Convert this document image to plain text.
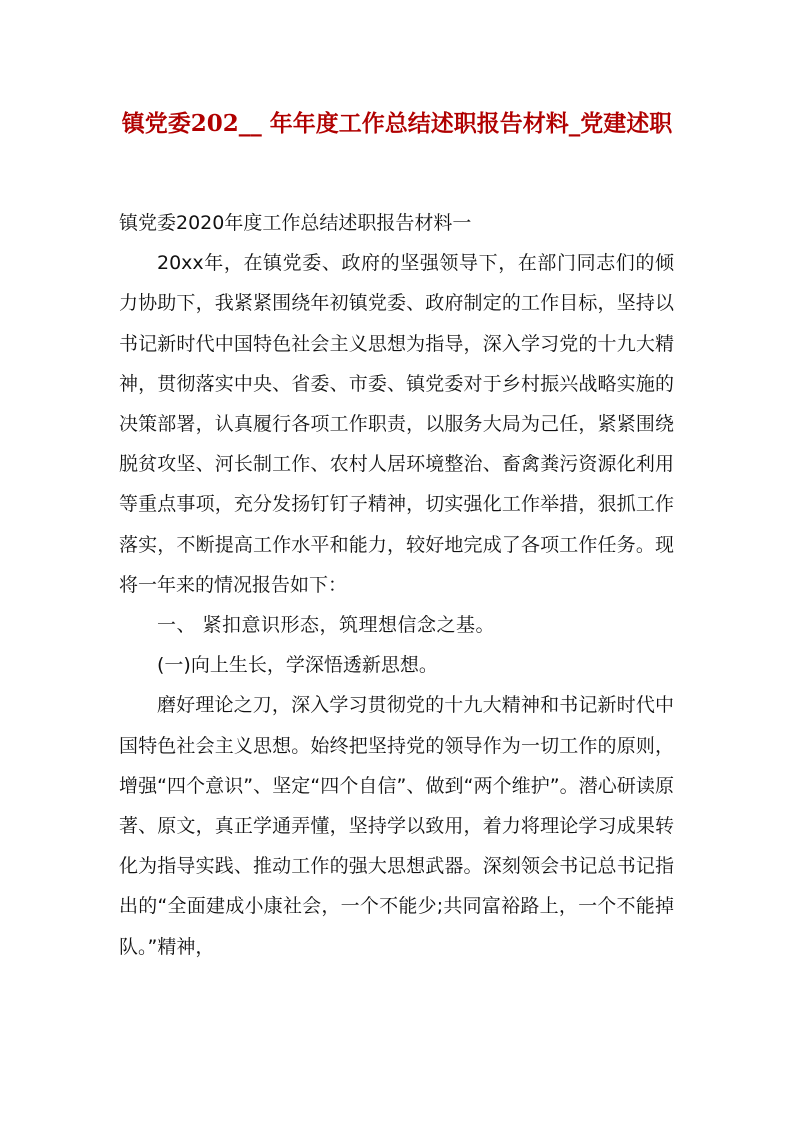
镇党委202__ 年年度工作总结述职报告材料_党建述职

镇党委2020年度工作总结述职报告材料一

20xx年，在镇党委、政府的坚强领导下，在部门同志们的倾力协助下，我紧紧围绕年初镇党委、政府制定的工作目标，坚持以书记新时代中国特色社会主义思想为指导，深入学习党的十九大精神，贯彻落实中央、省委、市委、镇党委对于乡村振兴战略实施的决策部署，认真履行各项工作职责，以服务大局为己任，紧紧围绕脱贫攻坚、河长制工作、农村人居环境整治、畜禽粪污资源化利用等重点事项，充分发扬钉钉子精神，切实强化工作举措，狠抓工作落实，不断提高工作水平和能力，较好地完成了各项工作任务。现将一年来的情况报告如下：

一、 紧扣意识形态，筑理想信念之基。

(一)向上生长，学深悟透新思想。

磨好理论之刀，深入学习贯彻党的十九大精神和书记新时代中国特色社会主义思想。始终把坚持党的领导作为一切工作的原则，增强“四个意识”、坚定“四个自信”、做到“两个维护”。潜心研读原著、原文，真正学通弄懂，坚持学以致用，着力将理论学习成果转化为指导实践、推动工作的强大思想武器。深刻领会书记总书记指出的“全面建成小康社会，一个不能少;共同富裕路上，一个不能掉队。”精神，
